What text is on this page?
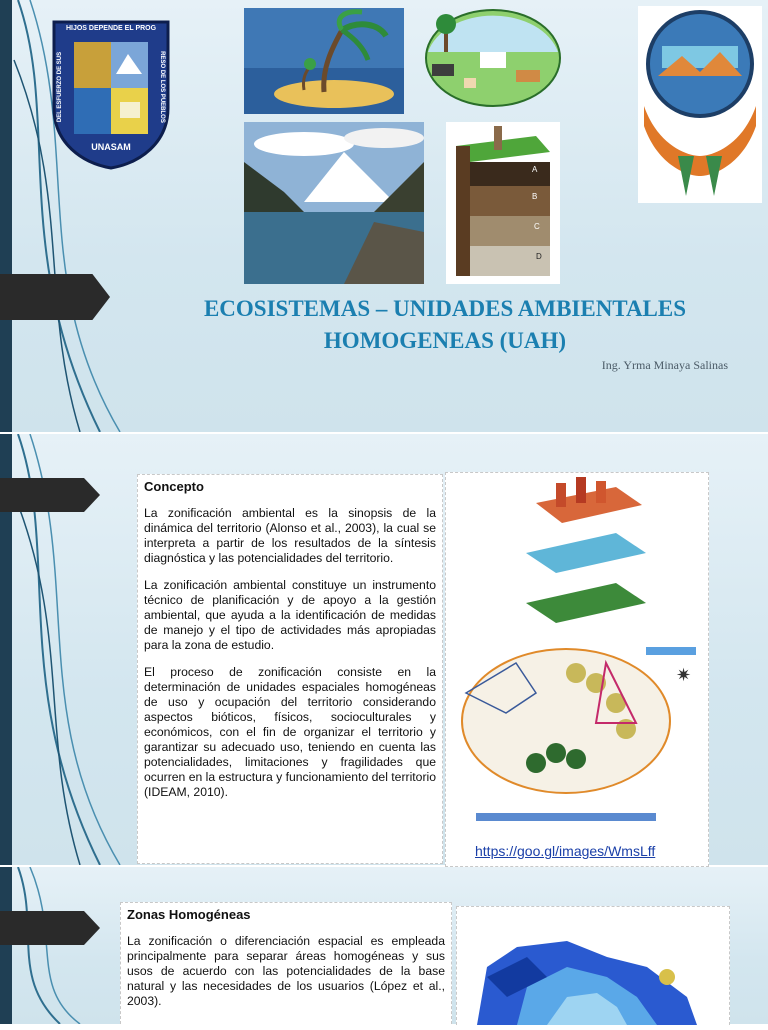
HIJOS DEPENDE EL PROG
DEL ESFUERZO DE SUS	RESO DE LOS PUEBLOS
UNASAM
A
B
C
D
ECOSISTEMAS – UNIDADES AMBIENTALES
HOMOGENEAS (UAH)
Ing. Yrma Minaya Salinas

Concepto

La zonificación ambiental es la sinopsis de la dinámica del territorio (Alonso et al., 2003), la cual se interpreta a partir de los resultados de la síntesis diagnóstica y las potencialidades del territorio.

La zonificación ambiental constituye un instrumento técnico de planificación y de apoyo a la gestión ambiental, que ayuda a la identificación de medidas de manejo y el tipo de actividades más apropiadas para la zona de estudio.

El proceso de zonificación consiste en la determinación de unidades espaciales homogéneas de uso y ocupación del territorio considerando aspectos bióticos, físicos, socioculturales y económicos, con el fin de organizar el territorio y garantizar su adecuado uso, teniendo en cuenta las potencialidades, limitaciones y fragilidades que ocurren en la estructura y funcionamiento del territorio (IDEAM, 2010).

✷
https://goo.gl/images/WmsLff

Zonas Homogéneas

La zonificación o diferenciación espacial es empleada principalmente para separar áreas homogéneas y sus usos de acuerdo con las potencialidades de la base natural y las necesidades de los usuarios (López et al., 2003).
